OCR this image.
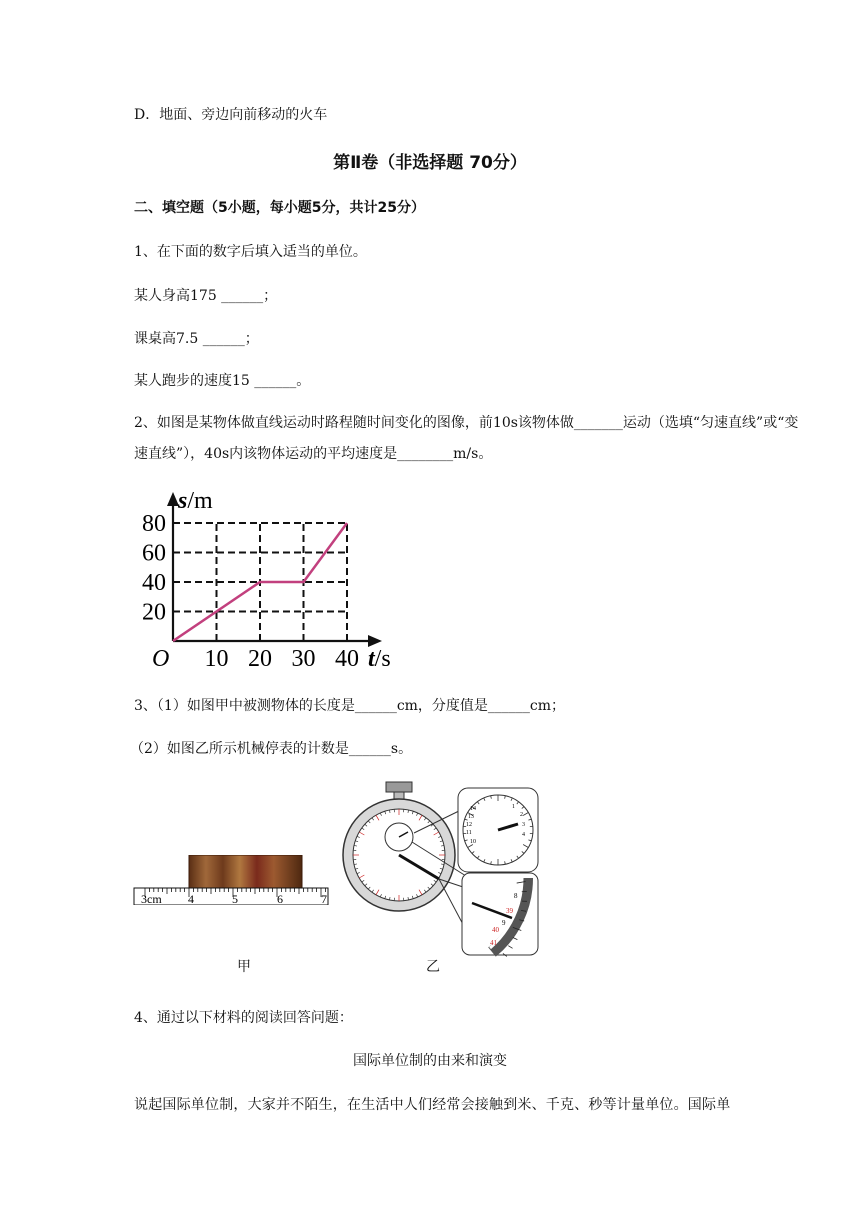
D．地面、旁边向前移动的火车
第Ⅱ卷（非选择题 70分）
二、填空题（5小题，每小题5分，共计25分）
1、在下面的数字后填入适当的单位。
某人身高175 ______；
课桌高7.5 ______；
某人跑步的速度15 ______。
2、如图是某物体做直线运动时路程随时间变化的图像，前10s该物体做_______运动（选填“匀速直线”或“变速直线”），40s内该物体运动的平均速度是________m/s。
10 20 30 40
20
40
60
80
O
s/m
t/s
3、（1）如图甲中被测物体的长度是______cm，分度值是______cm；
（2）如图乙所示机械停表的计数是______s。
3cm 4	5	6	7
甲
14
13
12
11
10
1
2
3
4
8
39
9
40
41
乙
4、通过以下材料的阅读回答问题：
国际单位制的由来和演变
说起国际单位制，大家并不陌生，在生活中人们经常会接触到米、千克、秒等计量单位。国际单
